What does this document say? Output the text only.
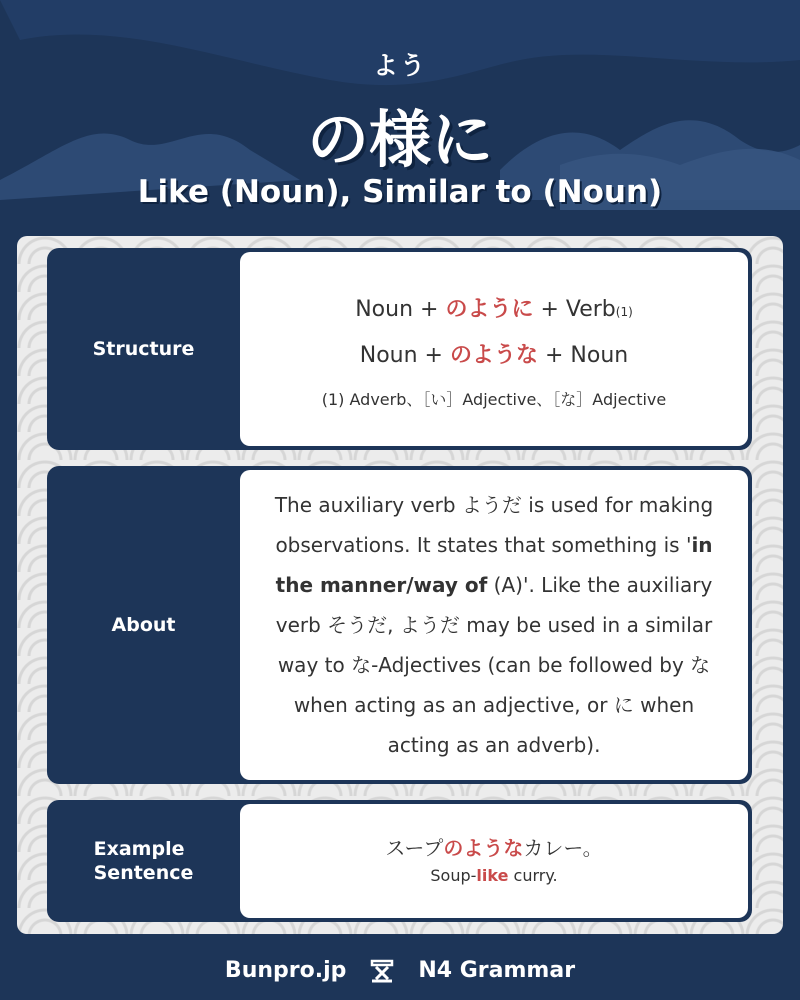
よう
の様に
Like (Noun), Similar to (Noun)
Structure
Noun + のように + Verb(1)
Noun + のような + Noun
(1) Adverb、［い］Adjective、［な］Adjective
About
The auxiliary verb ようだ is used for making observations. It states that something is 'in the manner/way of (A)'. Like the auxiliary verb そうだ, ようだ may be used in a similar way to な-Adjectives (can be followed by な when acting as an adjective, or に when acting as an adverb).
Example
Sentence
スープのようなカレー。
Soup-like curry.
Bunpro.jp	N4 Grammar
